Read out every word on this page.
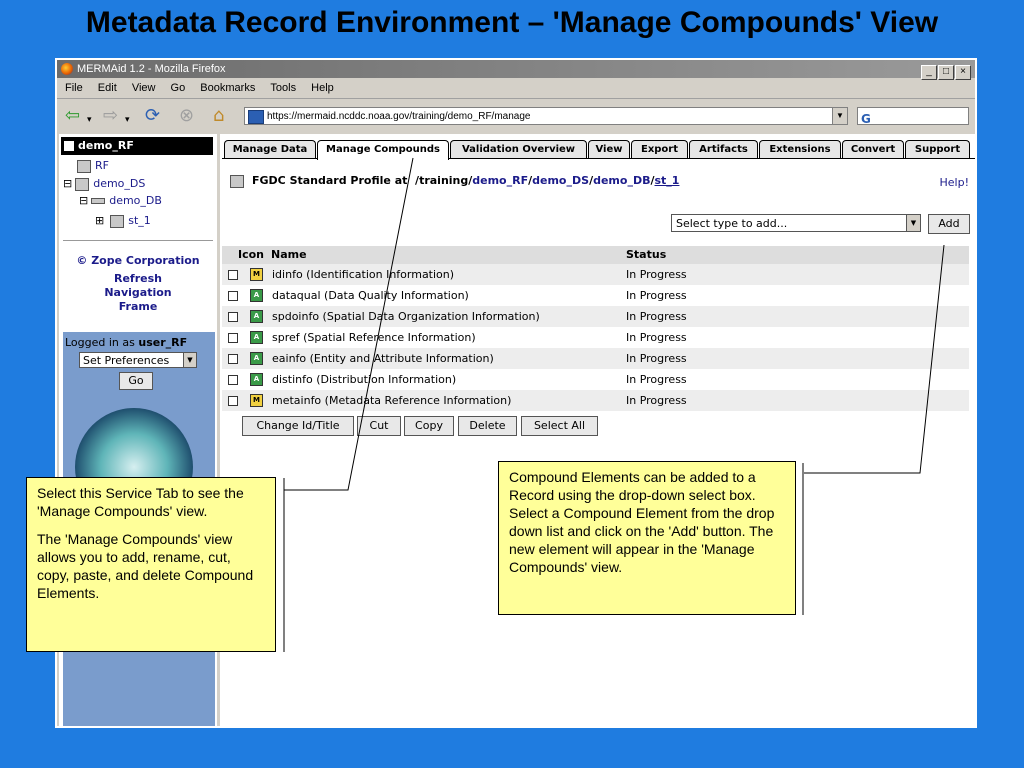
Metadata Record Environment – 'Manage Compounds' View
MERMAid 1.2 - Mozilla Firefox	_ □ ×
File Edit View Go Bookmarks Tools Help
⇦ ▾ ⇨ ▾ ⟳ ⊗ ⌂	https://mermaid.ncddc.noaa.gov/training/demo_RF/manage	▼	G
demo_RF
RF
⊟ demo_DS
⊟ demo_DB
⊞ st_1
© Zope Corporation
Refresh
Navigation
Frame
Logged in as user_RF
Set Preferences	▼
Go
Manage Data	Manage Compounds	Validation Overview	View	Export	Artifacts	Extensions	Convert	Support
FGDC Standard Profile at /training/demo_RF/demo_DS/demo_DB/st_1	Help!
Select type to add...	▼	Add
Icon Name	Status
M idinfo (Identification Information)	In Progress
A	dataqual (Data Quality Information)	In Progress
A	spdoinfo (Spatial Data Organization Information)	In Progress
A	spref (Spatial Reference Information)	In Progress
A	eainfo (Entity and Attribute Information)	In Progress
A	distinfo (Distribution Information)	In Progress
M metainfo (Metadata Reference Information)	In Progress
Change Id/Title	Cut	Copy	Delete	Select All

Select this Service Tab to see the 'Manage Compounds' view.

The 'Manage Compounds' view allows you to add, rename, cut, copy, paste, and delete Compound Elements.

Compound Elements can be added to a Record using the drop-down select box. Select a Compound Element from the drop down list and click on the 'Add' button. The new element will appear in the 'Manage Compounds' view.
